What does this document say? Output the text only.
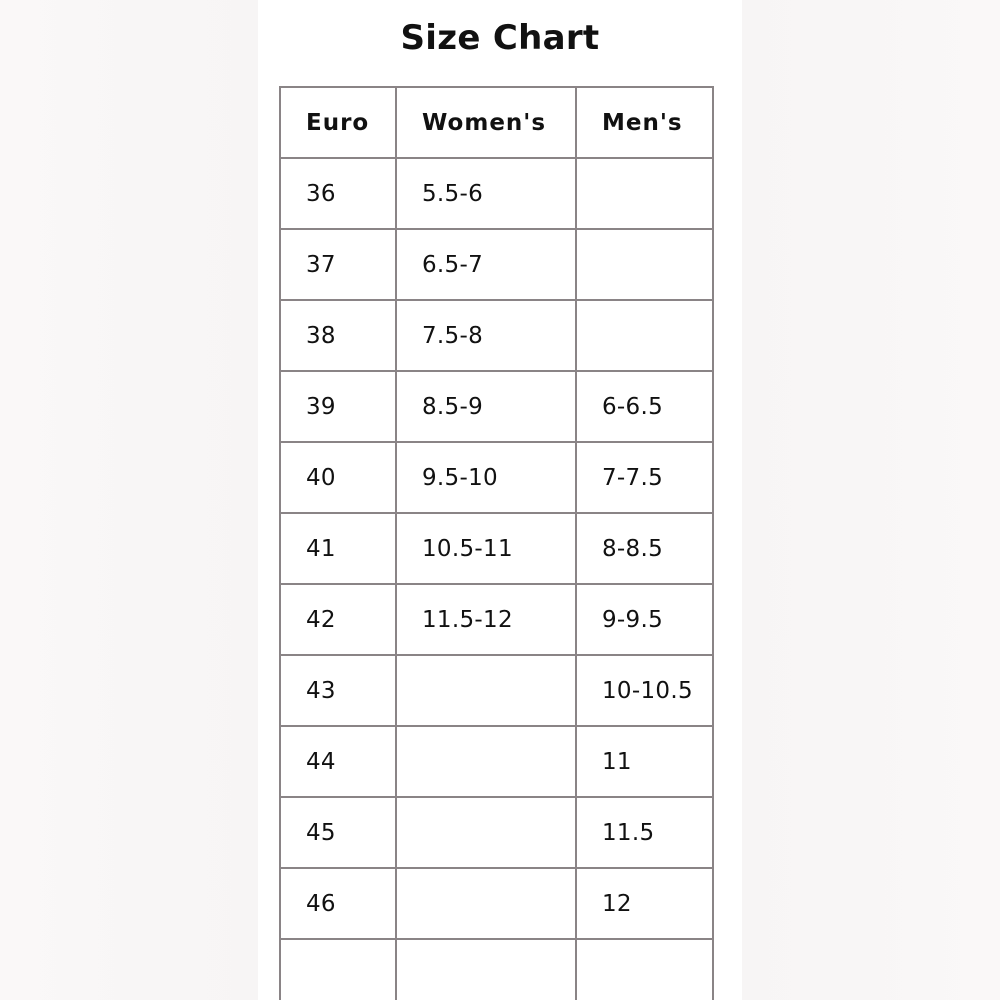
Size Chart
Euro	Women's	Men's
36	5.5-6	
37	6.5-7	
38	7.5-8	
39	8.5-9	6-6.5
40	9.5-10	7-7.5
41	10.5-11	8-8.5
42	11.5-12	9-9.5
43		10-10.5
44		11
45		11.5
46		12
